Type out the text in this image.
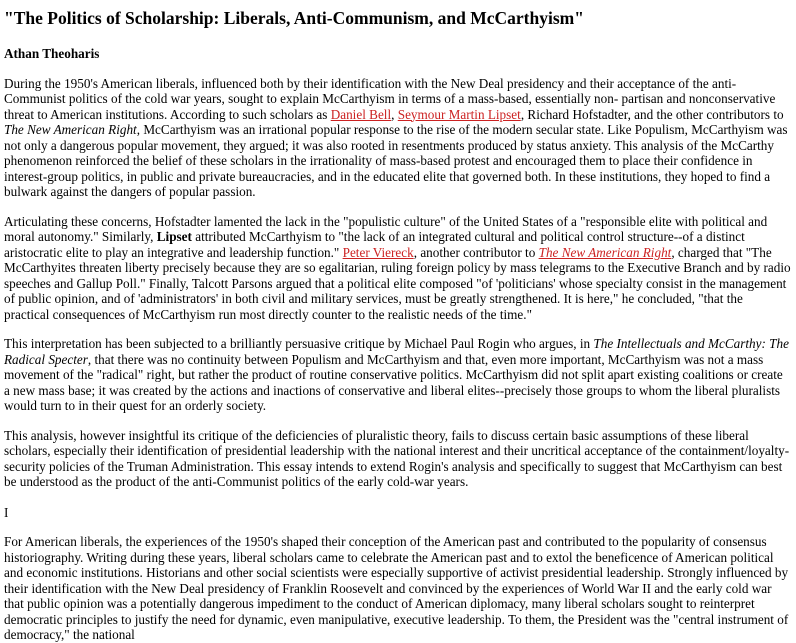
"The Politics of Scholarship: Liberals, Anti-Communism, and McCarthyism"

Athan Theoharis

During the 1950's American liberals, influenced both by their identification with the New Deal presidency and their acceptance of the anti-Communist politics of the cold war years, sought to explain McCarthyism in terms of a mass-based, essentially non- partisan and nonconservative threat to American institutions. According to such scholars as Daniel Bell, Seymour Martin Lipset, Richard Hofstadter, and the other contributors to The New American Right, McCarthyism was an irrational popular response to the rise of the modern secular state. Like Populism, McCarthyism was not only a dangerous popular movement, they argued; it was also rooted in resentments produced by status anxiety. This analysis of the McCarthy phenomenon reinforced the belief of these scholars in the irrationality of mass-based protest and encouraged them to place their confidence in interest-group politics, in public and private bureaucracies, and in the educated elite that governed both. In these institutions, they hoped to find a bulwark against the dangers of popular passion.

Articulating these concerns, Hofstadter lamented the lack in the "populistic culture" of the United States of a "responsible elite with political and moral autonomy." Similarly, Lipset attributed McCarthyism to "the lack of an integrated cultural and political control structure--of a distinct aristocratic elite to play an integrative and leadership function." Peter Viereck, another contributor to The New American Right, charged that "The McCarthyites threaten liberty precisely because they are so egalitarian, ruling foreign policy by mass telegrams to the Executive Branch and by radio speeches and Gallup Poll." Finally, Talcott Parsons argued that a political elite composed "of 'politicians' whose specialty consist in the management of public opinion, and of 'administrators' in both civil and military services, must be greatly strengthened. It is here," he concluded, "that the practical consequences of McCarthyism run most directly counter to the realistic needs of the time."

This interpretation has been subjected to a brilliantly persuasive critique by Michael Paul Rogin who argues, in The Intellectuals and McCarthy: The Radical Specter, that there was no continuity between Populism and McCarthyism and that, even more important, McCarthyism was not a mass movement of the "radical" right, but rather the product of routine conservative politics. McCarthyism did not split apart existing coalitions or create a new mass base; it was created by the actions and inactions of conservative and liberal elites--precisely those groups to whom the liberal pluralists would turn to in their quest for an orderly society.

This analysis, however insightful its critique of the deficiencies of pluralistic theory, fails to discuss certain basic assumptions of these liberal scholars, especially their identification of presidential leadership with the national interest and their uncritical acceptance of the containment/loyalty-security policies of the Truman Administration. This essay intends to extend Rogin's analysis and specifically to suggest that McCarthyism can best be understood as the product of the anti-Communist politics of the early cold-war years.

I

For American liberals, the experiences of the 1950's shaped their conception of the American past and contributed to the popularity of consensus historiography. Writing during these years, liberal scholars came to celebrate the American past and to extol the beneficence of American political and economic institutions. Historians and other social scientists were especially supportive of activist presidential leadership. Strongly influenced by their identification with the New Deal presidency of Franklin Roosevelt and convinced by the experiences of World War II and the early cold war that public opinion was a potentially dangerous impediment to the conduct of American diplomacy, many liberal scholars sought to reinterpret democratic principles to justify the need for dynamic, even manipulative, executive leadership. To them, the President was the "central instrument of democracy," the national
